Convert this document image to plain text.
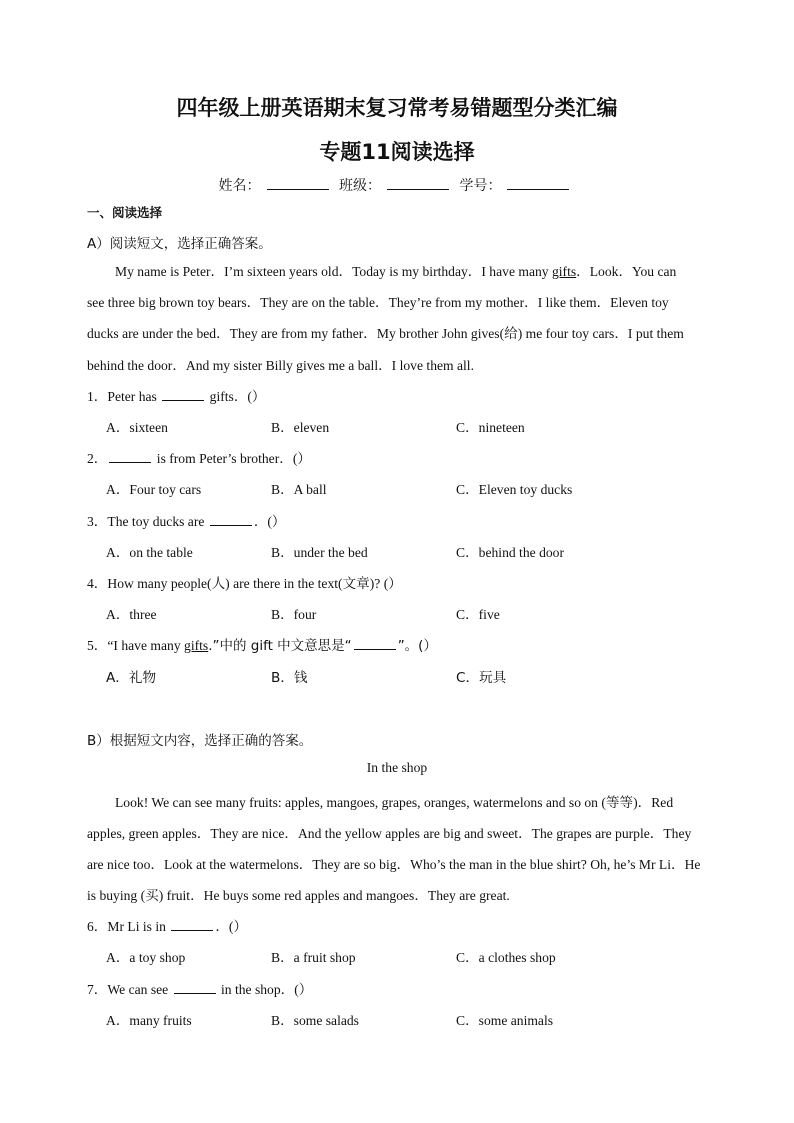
四年级上册英语期末复习常考易错题型分类汇编
专题11阅读选择
姓名：	班级：	学号：
一、阅读选择
A）阅读短文，选择正确答案。
My name is Peter．I’m sixteen years old．Today is my birthday．I have many gifts．Look．You can
see three big brown toy bears．They are on the table．They’re from my mother．I like them．Eleven toy
ducks are under the bed．They are from my father．My brother John gives(给) me four toy cars．I put them
behind the door．And my sister Billy gives me a ball．I love them all.
1．Peter has	gifts．(）
A．sixteen	B．eleven	C．nineteen
2．	is from Peter’s brother．(）
A．Four toy cars	B．A ball	C．Eleven toy ducks
3．The toy ducks are	．(）
A．on the table	B．under the bed	C．behind the door
4．How many people(人) are there in the text(文章)? (）
A．three	B．four	C．five
5．“I have many gifts.”中的 gift 中文意思是“	”。(）
A．礼物	B．钱	C．玩具
B）根据短文内容，选择正确的答案。
In the shop
Look! We can see many fruits: apples, mangoes, grapes, oranges, watermelons and so on (等等)．Red
apples, green apples．They are nice．And the yellow apples are big and sweet．The grapes are purple．They
are nice too．Look at the watermelons．They are so big．Who’s the man in the blue shirt? Oh, he’s Mr Li．He
is buying (买) fruit．He buys some red apples and mangoes．They are great.
6．Mr Li is in	．(）
A．a toy shop	B．a fruit shop	C．a clothes shop
7．We can see	in the shop．(）
A．many fruits	B．some salads	C．some animals
